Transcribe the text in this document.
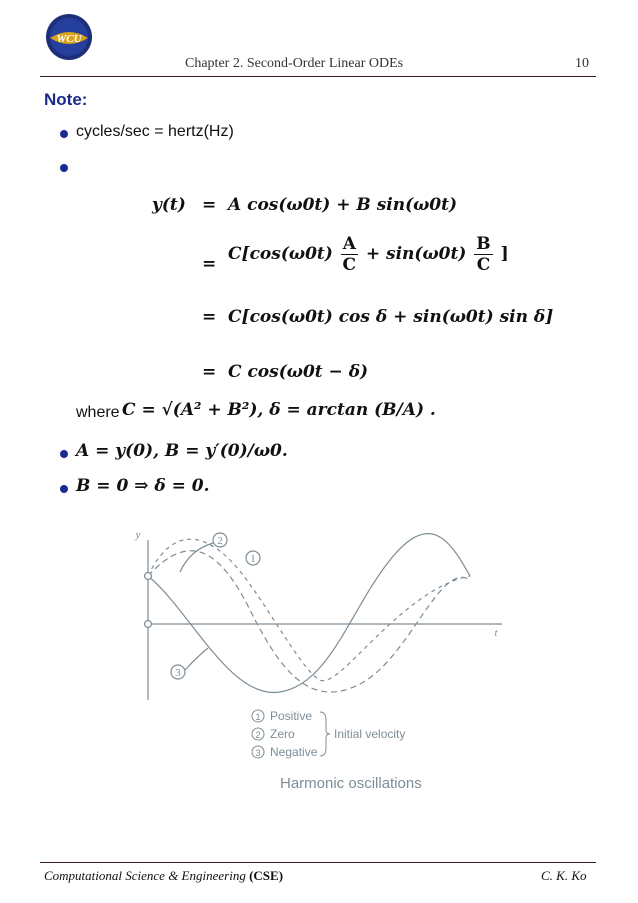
WCU
Chapter 2. Second-Order Linear ODEs	10
Note:
cycles/sec = hertz(Hz)
y(t) = A cos(ω0t) + B sin(ω0t)
= $C[\cos(\omega 0t) \frac{A}{C} + \sin(\omega 0t) \frac{B}{C}$ ]
= C[cos(ω0t) cos δ + sin(ω0t) sin δ]
= C cos(ω0t − δ)
where C = √(A² + B²), δ = arctan (B/A) .
A = y(0), B = y′(0)/ω0.
B = 0 ⇒ δ = 0.
2
1
3
y
t
1 Positive
2 Zero
3 Negative
Initial velocity
Harmonic oscillations
Computational Science & Engineering (CSE)	C. K. Ko
